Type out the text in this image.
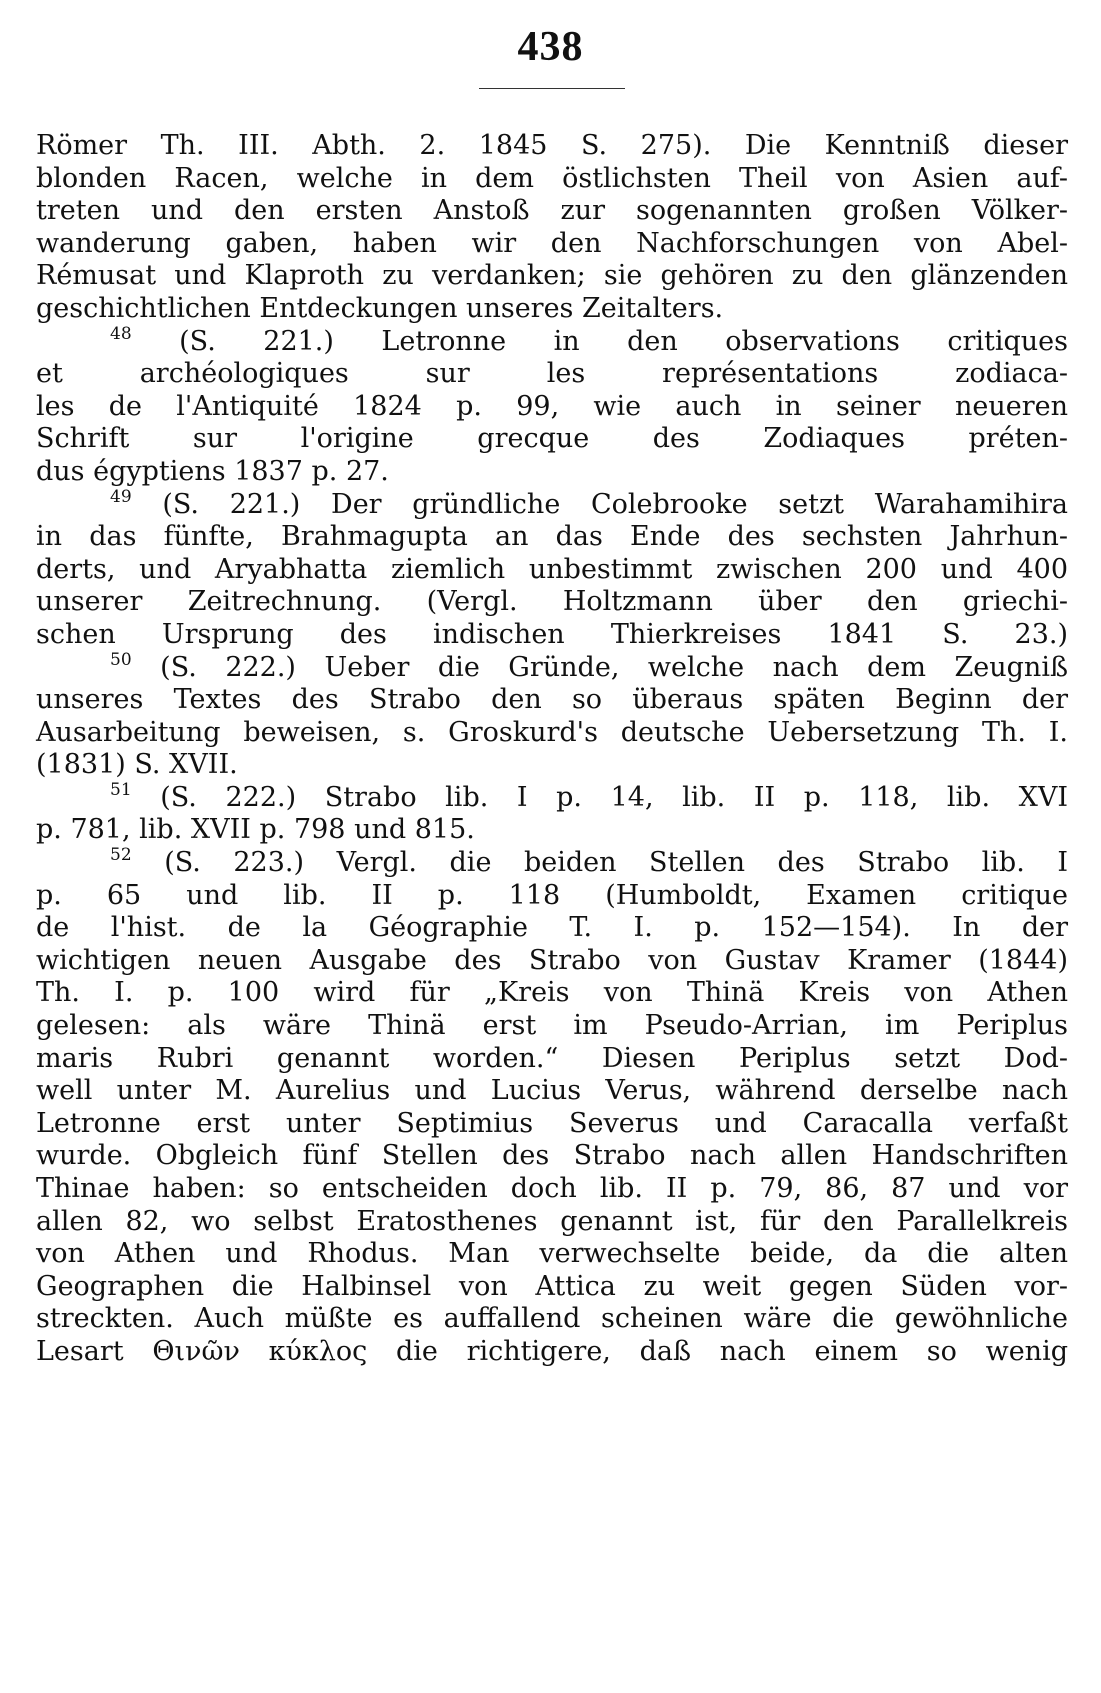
438
Römer Th. III. Abth. 2. 1845 S. 275). Die Kenntniß dieser
blonden Racen, welche in dem östlichsten Theil von Asien auf-
treten und den ersten Anstoß zur sogenannten großen Völker-
wanderung gaben, haben wir den Nachforschungen von Abel-
Rémusat und Klaproth zu verdanken; sie gehören zu den glänzenden
geschichtlichen Entdeckungen unseres Zeitalters.
$^{48}$ (S. 221.) Letronne in den observations critiques
et archéologiques sur les représentations zodiaca-
les de l'Antiquité 1824 p. 99, wie auch in seiner neueren
Schrift sur l'origine grecque des Zodiaques préten-
dus égyptiens 1837 p. 27.
$^{49}$ (S. 221.) Der gründliche Colebrooke setzt Warahamihira
in das fünfte, Brahmagupta an das Ende des sechsten Jahrhun-
derts, und Aryabhatta ziemlich unbestimmt zwischen 200 und 400
unserer Zeitrechnung. (Vergl. Holtzmann über den griechi-
schen Ursprung des indischen Thierkreises 1841 S. 23.)
$^{50}$ (S. 222.) Ueber die Gründe, welche nach dem Zeugniß
unseres Textes des Strabo den so überaus späten Beginn der
Ausarbeitung beweisen, s. Groskurd's deutsche Uebersetzung Th. I.
(1831) S. XVII.
$^{51}$ (S. 222.) Strabo lib. I p. 14, lib. II p. 118, lib. XVI
p. 781, lib. XVII p. 798 und 815.
$^{52}$ (S. 223.) Vergl. die beiden Stellen des Strabo lib. I
p. 65 und lib. II p. 118 (Humboldt, Examen critique
de l'hist. de la Géographie T. I. p. 152—154). In der
wichtigen neuen Ausgabe des Strabo von Gustav Kramer (1844)
Th. I. p. 100 wird für „Kreis von Thinä Kreis von Athen
gelesen: als wäre Thinä erst im Pseudo-Arrian, im Periplus
maris Rubri genannt worden.“ Diesen Periplus setzt Dod-
well unter M. Aurelius und Lucius Verus, während derselbe nach
Letronne erst unter Septimius Severus und Caracalla verfaßt
wurde. Obgleich fünf Stellen des Strabo nach allen Handschriften
Thinae haben: so entscheiden doch lib. II p. 79, 86, 87 und vor
allen 82, wo selbst Eratosthenes genannt ist, für den Parallelkreis
von Athen und Rhodus. Man verwechselte beide, da die alten
Geographen die Halbinsel von Attica zu weit gegen Süden vor-
streckten. Auch müßte es auffallend scheinen wäre die gewöhnliche
Lesart Θινῶν κύκλος die richtigere, daß nach einem so wenig
